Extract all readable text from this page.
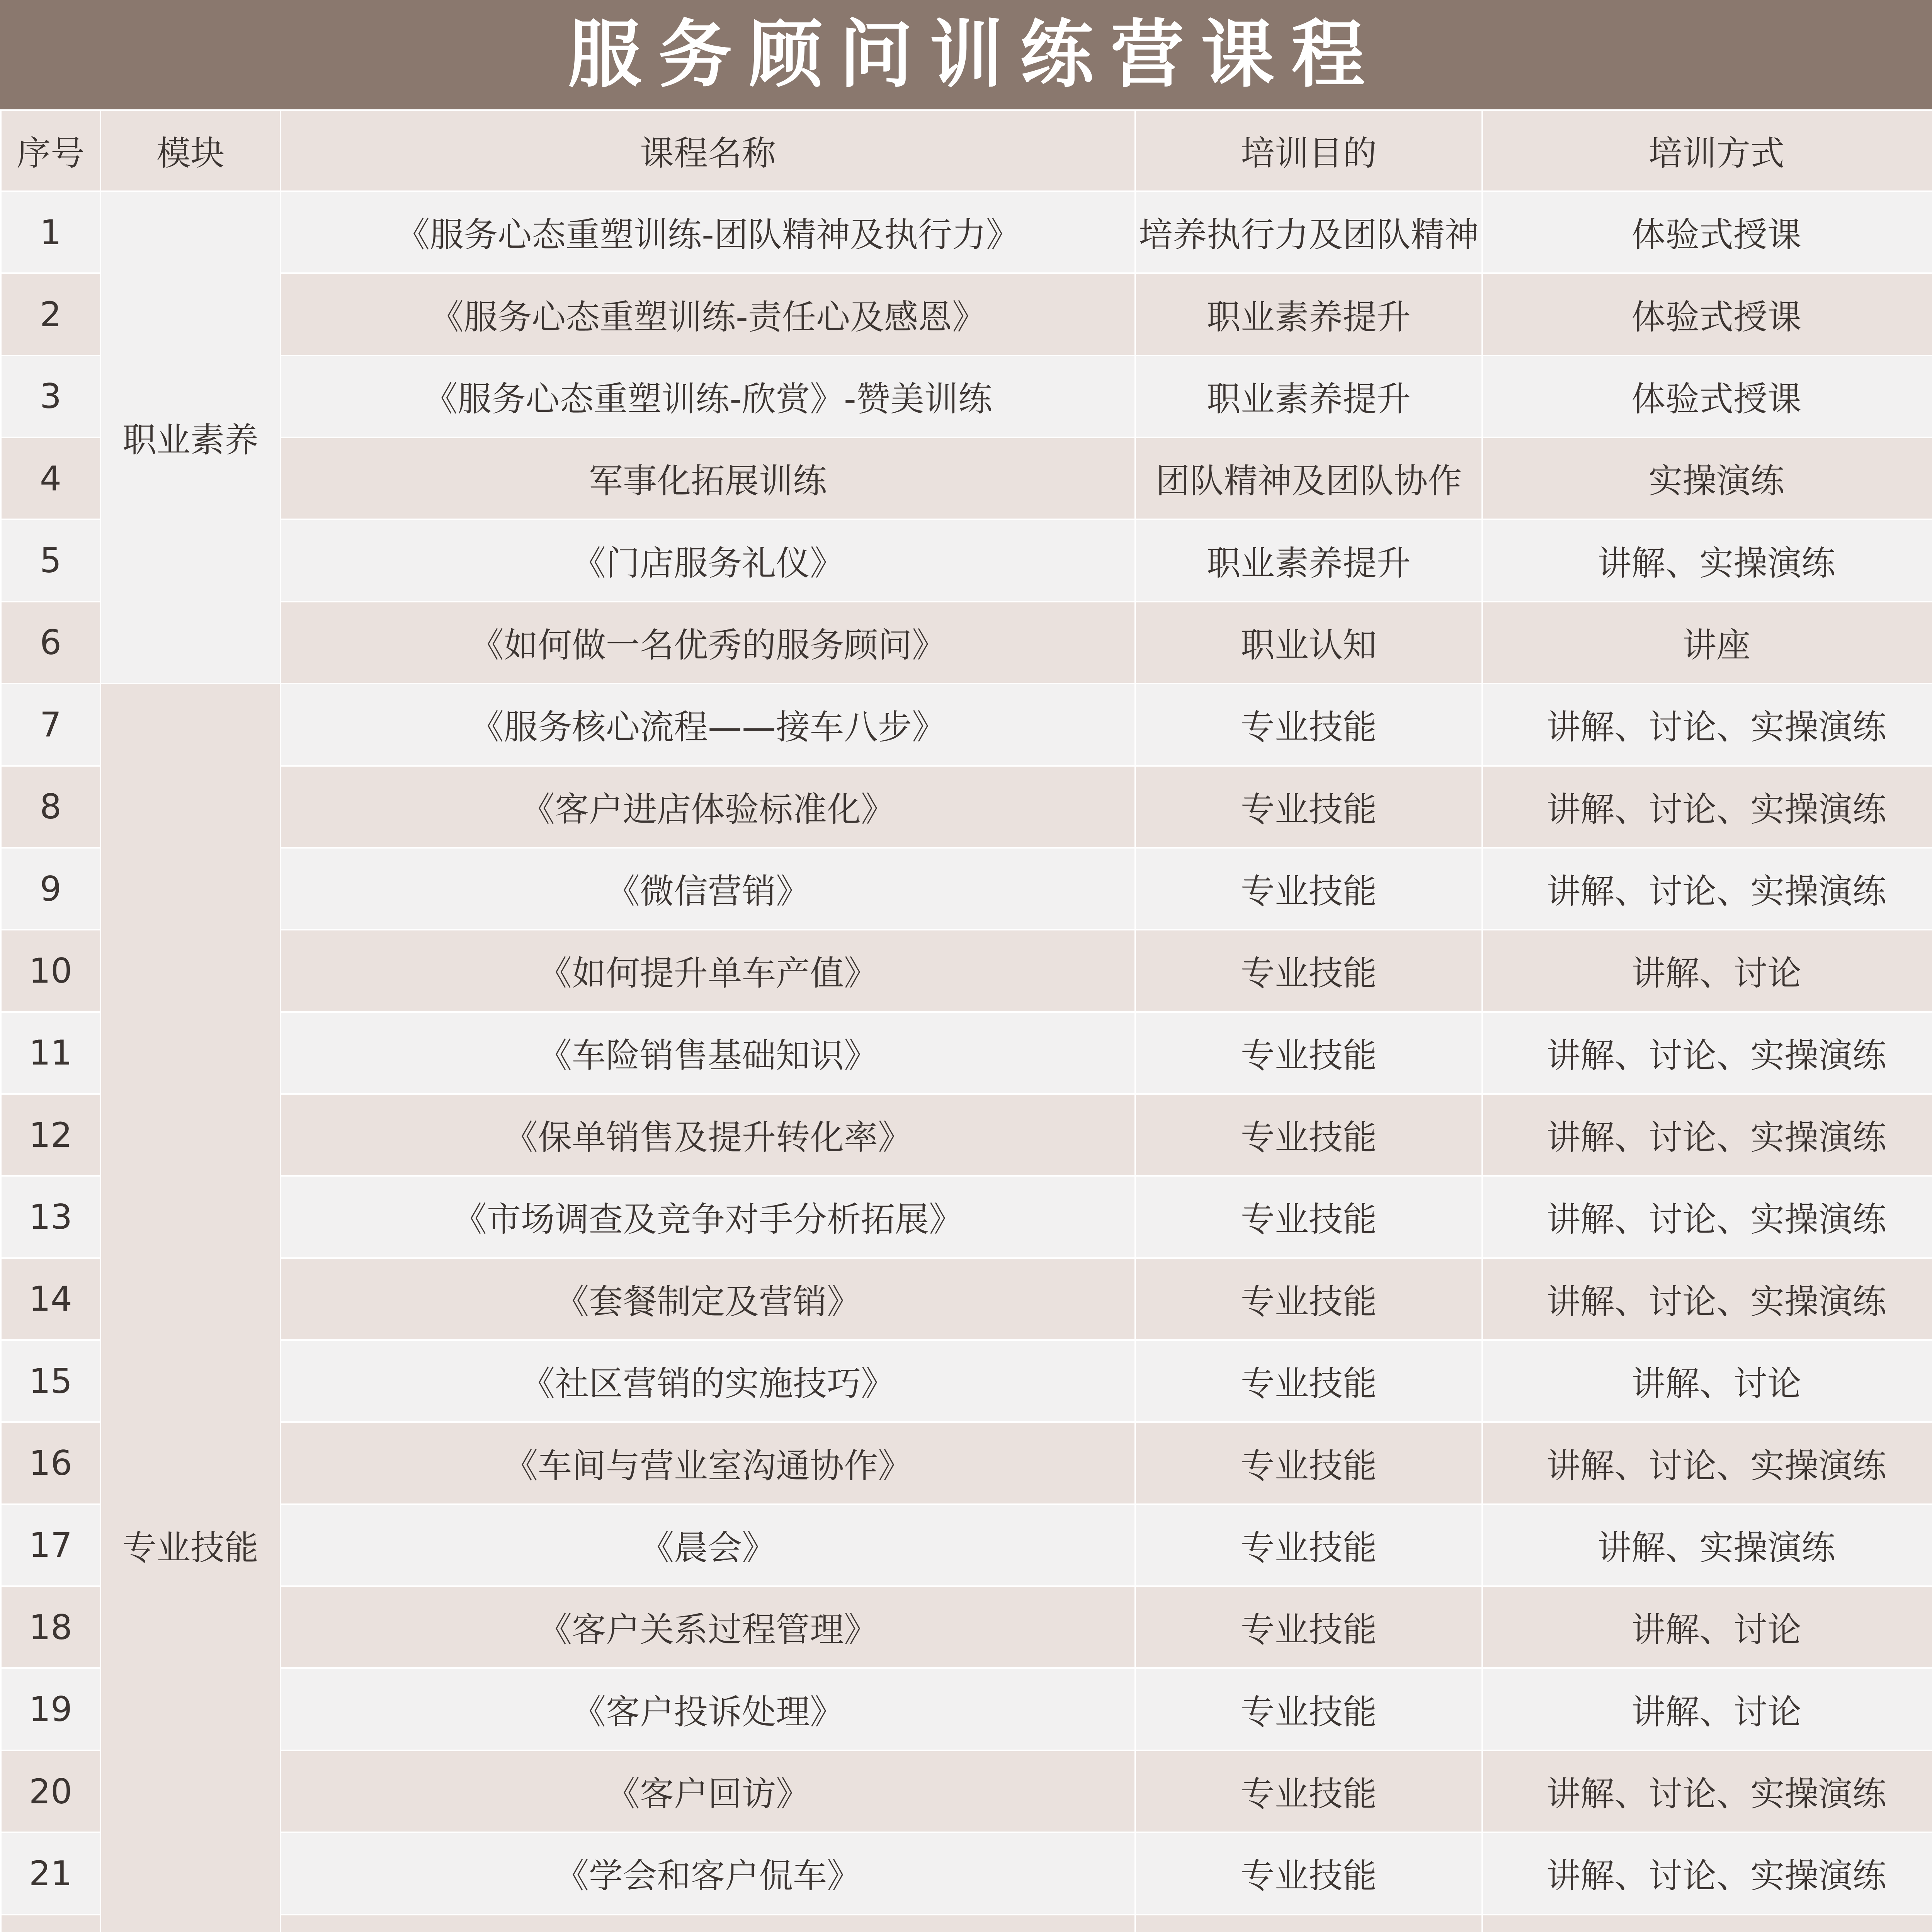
服务顾问训练营课程
序号	模块	课程名称	培训目的	培训方式
1	职业素养	《服务心态重塑训练-团队精神及执行力》	培养执行力及团队精神	体验式授课
2		《服务心态重塑训练-责任心及感恩》	职业素养提升	体验式授课
3		《服务心态重塑训练-欣赏》-赞美训练	职业素养提升	体验式授课
4		军事化拓展训练	团队精神及团队协作	实操演练
5		《门店服务礼仪》	职业素养提升	讲解、实操演练
6		《如何做一名优秀的服务顾问》	职业认知	讲座
7	专业技能	《服务核心流程——接车八步》	专业技能	讲解、讨论、实操演练
8		《客户进店体验标准化》	专业技能	讲解、讨论、实操演练
9		《微信营销》	专业技能	讲解、讨论、实操演练
10		《如何提升单车产值》	专业技能	讲解、讨论
11		《车险销售基础知识》	专业技能	讲解、讨论、实操演练
12		《保单销售及提升转化率》	专业技能	讲解、讨论、实操演练
13		《市场调查及竞争对手分析拓展》	专业技能	讲解、讨论、实操演练
14		《套餐制定及营销》	专业技能	讲解、讨论、实操演练
15		《社区营销的实施技巧》	专业技能	讲解、讨论
16		《车间与营业室沟通协作》	专业技能	讲解、讨论、实操演练
17		《晨会》	专业技能	讲解、实操演练
18		《客户关系过程管理》	专业技能	讲解、讨论
19		《客户投诉处理》	专业技能	讲解、讨论
20		《客户回访》	专业技能	讲解、讨论、实操演练
21		《学会和客户侃车》	专业技能	讲解、讨论、实操演练
